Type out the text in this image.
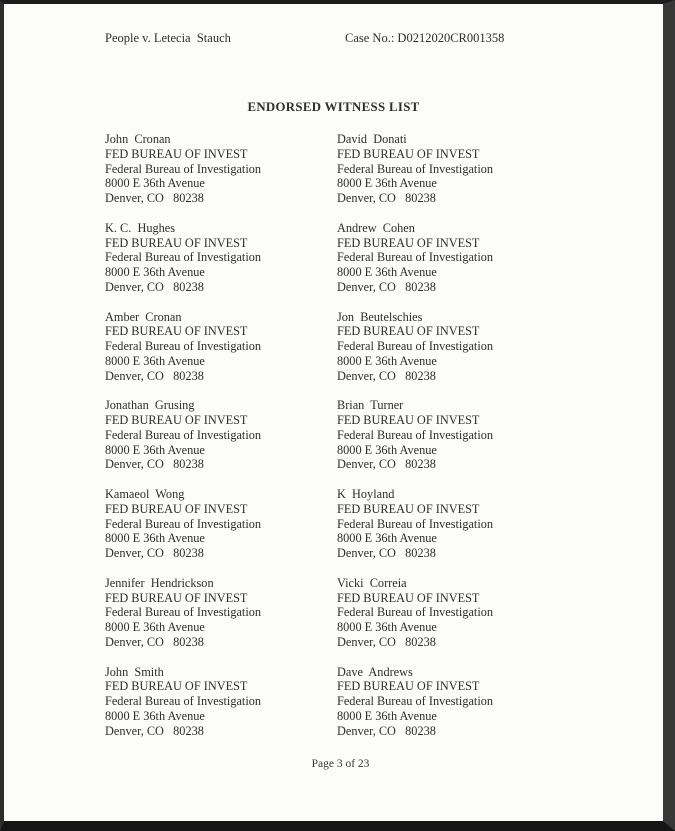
People v. Letecia  Stauch	Case No.: D0212020CR001358
ENDORSED WITNESS LIST
John  Cronan
FED BUREAU OF INVEST
Federal Bureau of Investigation
8000 E 36th Avenue
Denver, CO   80238
David  Donati
FED BUREAU OF INVEST
Federal Bureau of Investigation
8000 E 36th Avenue
Denver, CO   80238
K. C.  Hughes
FED BUREAU OF INVEST
Federal Bureau of Investigation
8000 E 36th Avenue
Denver, CO   80238
Andrew  Cohen
FED BUREAU OF INVEST
Federal Bureau of Investigation
8000 E 36th Avenue
Denver, CO   80238
Amber  Cronan
FED BUREAU OF INVEST
Federal Bureau of Investigation
8000 E 36th Avenue
Denver, CO   80238
Jon  Beutelschies
FED BUREAU OF INVEST
Federal Bureau of Investigation
8000 E 36th Avenue
Denver, CO   80238
Jonathan  Grusing
FED BUREAU OF INVEST
Federal Bureau of Investigation
8000 E 36th Avenue
Denver, CO   80238
Brian  Turner
FED BUREAU OF INVEST
Federal Bureau of Investigation
8000 E 36th Avenue
Denver, CO   80238
Kamaeol  Wong
FED BUREAU OF INVEST
Federal Bureau of Investigation
8000 E 36th Avenue
Denver, CO   80238
K  Hoyland
FED BUREAU OF INVEST
Federal Bureau of Investigation
8000 E 36th Avenue
Denver, CO   80238
Jennifer  Hendrickson
FED BUREAU OF INVEST
Federal Bureau of Investigation
8000 E 36th Avenue
Denver, CO   80238
Vicki  Correia
FED BUREAU OF INVEST
Federal Bureau of Investigation
8000 E 36th Avenue
Denver, CO   80238
John  Smith
FED BUREAU OF INVEST
Federal Bureau of Investigation
8000 E 36th Avenue
Denver, CO   80238
Dave  Andrews
FED BUREAU OF INVEST
Federal Bureau of Investigation
8000 E 36th Avenue
Denver, CO   80238
Page 3 of 23
